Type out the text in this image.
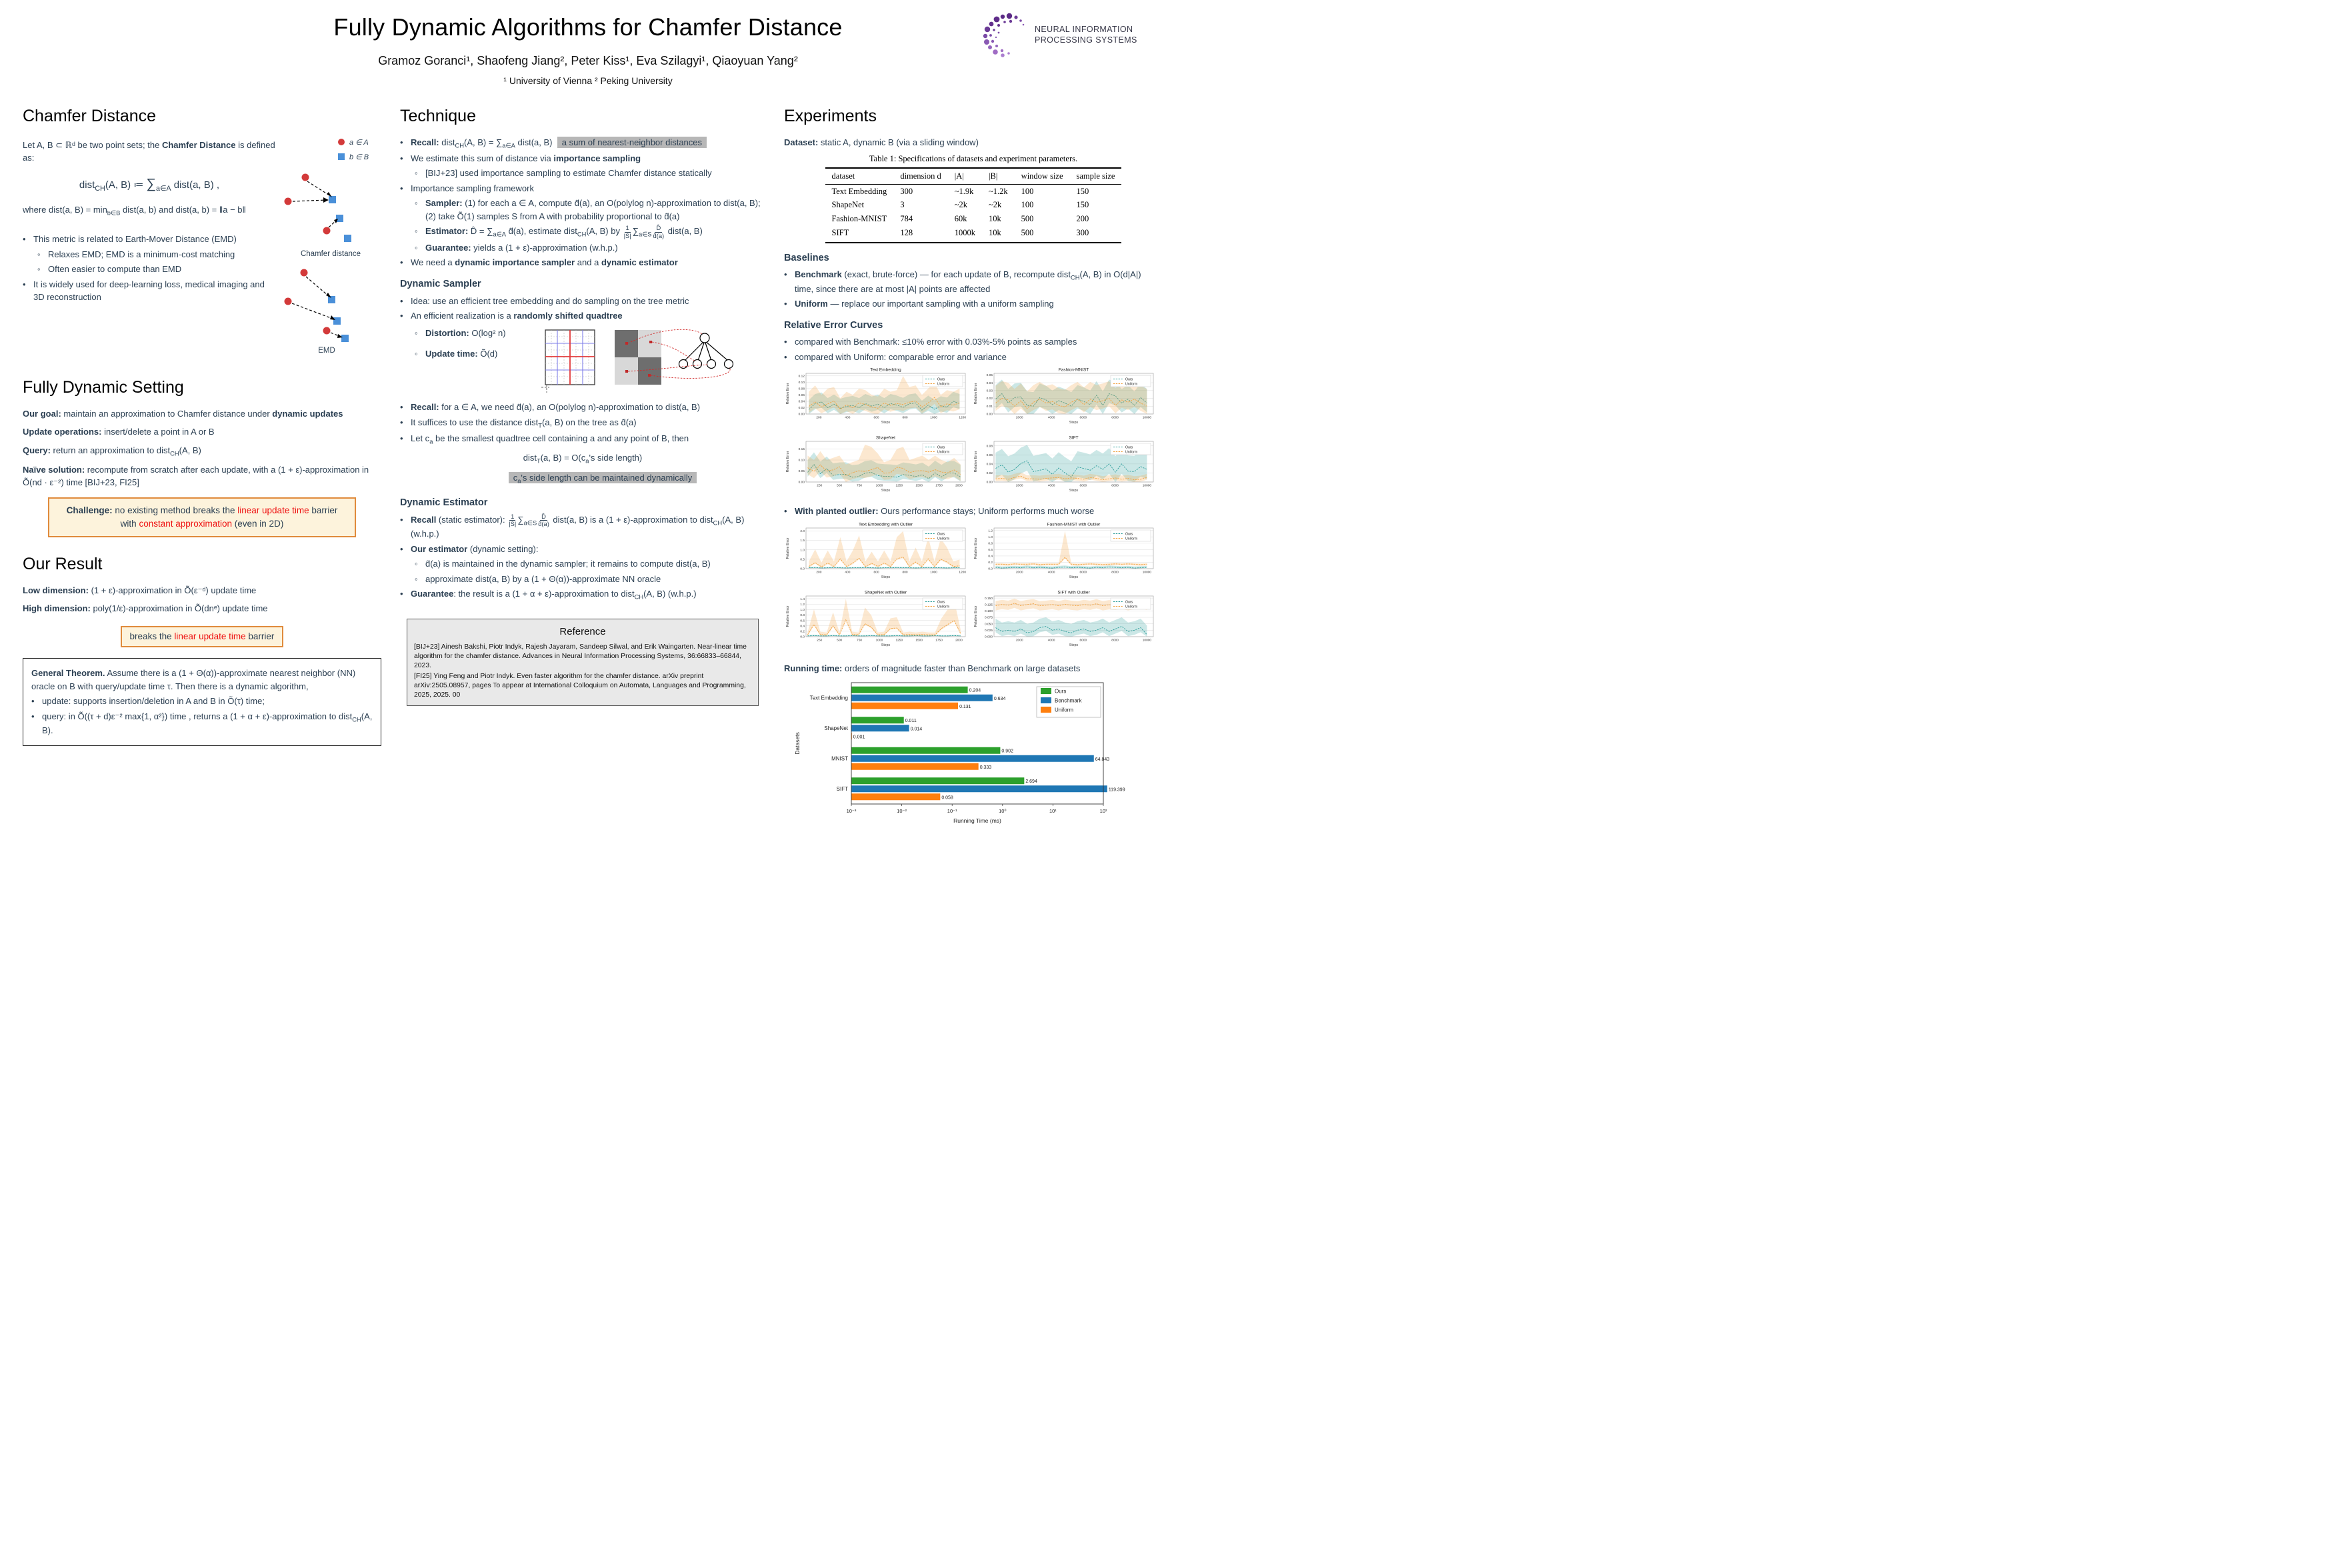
Fully Dynamic Algorithms for Chamfer Distance
Gramoz Goranci¹, Shaofeng Jiang², Peter Kiss¹, Eva Szilagyi¹, Qiaoyuan Yang²
¹ University of Vienna ² Peking University
NEURAL INFORMATION
PROCESSING SYSTEMS
Chamfer Distance

Let A, B ⊂ ℝᵈ be two point sets; the Chamfer Distance is defined as:

dist$_{CH}$(A, B) ≔ $\sum_{a\in A}$ dist(a, B) ,

where dist(a, $B) = \min_{b\in B}$ dist(a, b) and dist(a, b) = ‖a − b‖

• This metric is related to Earth-Mover Distance (EMD)
◦ Relaxes EMD; EMD is a minimum-cost matching
◦ Often easier to compute than EMD
• It is widely used for deep-learning loss, medical imaging and 3D reconstruction
a ∈ A
b ∈ B
Chamfer distance
EMD
Fully Dynamic Setting

Our goal: maintain an approximation to Chamfer distance under dynamic updates

Update operations: insert/delete a point in A or B

Query: return an approximation to dist$_{CH}$(A, B)

Naïve solution: recompute from scratch after each update, with a (1 + ε)-approximation in Õ(nd · ε⁻²) time [BIJ+23, FI25]

Challenge: no existing method breaks the linear update time barrier with constant approximation (even in 2D)
Our Result

Low dimension: (1 + ε)-approximation in Õ(ε⁻ᵈ) update time

High dimension: poly(1/ε)-approximation in Õ(dnᵉ) update time

breaks the linear update time barrier

General Theorem. Assume there is a (1 + Θ(α))-approximate nearest neighbor (NN) oracle on B with query/update time τ. Then there is a dynamic algorithm,

• update: supports insertion/deletion in A and B in Õ(τ) time;
• query: in Õ((τ + d)ε⁻² max{1, α²}) time , returns a (1 + α + ε)-approximation to dist$_{CH}$(A, B).
Technique
• Recall: dist$_{CH}$(A, $B) = \sum_{a\in A}$ dist(a, B) a sum of nearest-neighbor distances
• We estimate this sum of distance via importance sampling
◦ [BIJ+23] used importance sampling to estimate Chamfer distance statically
• Importance sampling framework
◦ Sampler: (1) for each a ∈ A, compute d̂(a), an O(polylog n)-approximation to dist(a, B); (2) take Õ(1) samples S from A with probability proportional to d̂(a)
◦ Estimator: D̂ = $\sum_{a\in A}$ d̂(a), estimate dist$_{CH}$(A, B) by $\frac{1}{|S|} \sum_{a\in S} \frac{D̂}{d̂(a)}$ dist(a, B)
◦ Guarantee: yields a (1 + ε)-approximation (w.h.p.)
• We need a dynamic importance sampler and a dynamic estimator
Dynamic Sampler
• Idea: use an efficient tree embedding and do sampling on the tree metric
• An efficient realization is a randomly shifted quadtree
◦ Distortion: O(log² n)
◦ Update time: Õ(d)
• Recall: for a ∈ A, we need d̂(a), an O(polylog n)-approximation to dist(a, B)
• It suffices to use the distance dist$_T$(a, B) on the tree as d̂(a)
• Let $c_a$ be the smallest quadtree cell containing a and any point of B, then
dist$_T$(a, $B) = O(c_a's$ side length)
$c_a's$ side length can be maintained dynamically
Dynamic Estimator
• Recall (static estimator): $\frac{1}{|S|} \sum_{a\in S} \frac{D̂}{d̂(a)}$ dist(a, B) is a (1 + ε)-approximation to dist$_{CH}$(A, B) (w.h.p.)
• Our estimator (dynamic setting):
◦ d̂(a) is maintained in the dynamic sampler; it remains to compute dist(a, B)
◦ approximate dist(a, B) by a (1 + Θ(α))-approximate NN oracle
• Guarantee: the result is a (1 + α + ε)-approximation to dist$_{CH}$(A, B) (w.h.p.)
Reference

[BIJ+23] Ainesh Bakshi, Piotr Indyk, Rajesh Jayaram, Sandeep Silwal, and Erik Waingarten. Near-linear time algorithm for the chamfer distance. Advances in Neural Information Processing Systems, 36:66833–66844, 2023.

[FI25] Ying Feng and Piotr Indyk. Even faster algorithm for the chamfer distance. arXiv preprint arXiv:2505.08957, pages To appear at International Colloquium on Automata, Languages and Programming, 2025, 2025. 00

Experiments

Dataset: static A, dynamic B (via a sliding window)

Table 1: Specifications of datasets and experiment parameters.
dataset	dimension d	|A|	|B|	window size	sample size
Text Embedding	300	~1.9k	~1.2k	100	150
ShapeNet	3	~2k	~2k	100	150
Fashion-MNIST	784	60k	10k	500	200
SIFT	128	1000k	10k	500	300
Baselines
• Benchmark (exact, brute-force) — for each update of B, recompute dist$_{CH}$(A, B) in O(d|A|) time, since there are at most |A| points are affected
• Uniform — replace our important sampling with a uniform sampling
Relative Error Curves
• compared with Benchmark: ≤10% error with 0.03%-5% points as samples
• compared with Uniform: comparable error and variance
Text Embedding
0.00
0.02
0.04
0.06
0.08
0.10
0.12
200	400	600	800	1000	1200
Relative Error
Steps
Ours
Uniform
Fashion-MNIST
0.00
0.01
0.02
0.03
0.04
0.05
2000	4000	6000	8000	10000
Relative Error
Steps
Ours
Uniform
ShapeNet
0.00
0.05
0.10
0.15
250	500	750	1000	1250	1500	1750	2000
Relative Error
Steps
Ours
Uniform
SIFT
0.00
0.02
0.04
0.06
0.08
2000	4000	6000	8000	10000
Relative Error
Steps
Ours
Uniform
• With planted outlier: Ours performance stays; Uniform performs much worse
Text Embedding with Outlier
0.0
0.5
1.0
1.5
2.0
200	400	600	800	1000	1200
Relative Error
Steps
Ours
Uniform
Fashion-MNIST with Outlier
0.0
0.2
0.4
0.6
0.8
1.0
1.2
2000	4000	6000	8000	10000
Relative Error
Steps
Ours
Uniform
ShapeNet with Outlier
0.0
0.2
0.4
0.6
0.8
1.0
1.2
1.4
250	500	750	1000	1250	1500	1750	2000
Relative Error
Steps
Ours
Uniform
SIFT with Outlier
0.000
0.025
0.050
0.075
0.100
0.125
0.150
2000	4000	6000	8000	10000
Relative Error
Steps
Ours
Uniform

Running time: orders of magnitude faster than Benchmark on large datasets

Text Embedding
0.204
0.634
0.131
ShapeNet
0.011
0.014
0.001
MNIST
0.902
64.843
0.333
SIFT
2.694
119.399
0.058
10⁻³	10⁻²	10⁻¹	10⁰	10¹	10²
Running Time (ms)
Datasets
Ours
Benchmark
Uniform
